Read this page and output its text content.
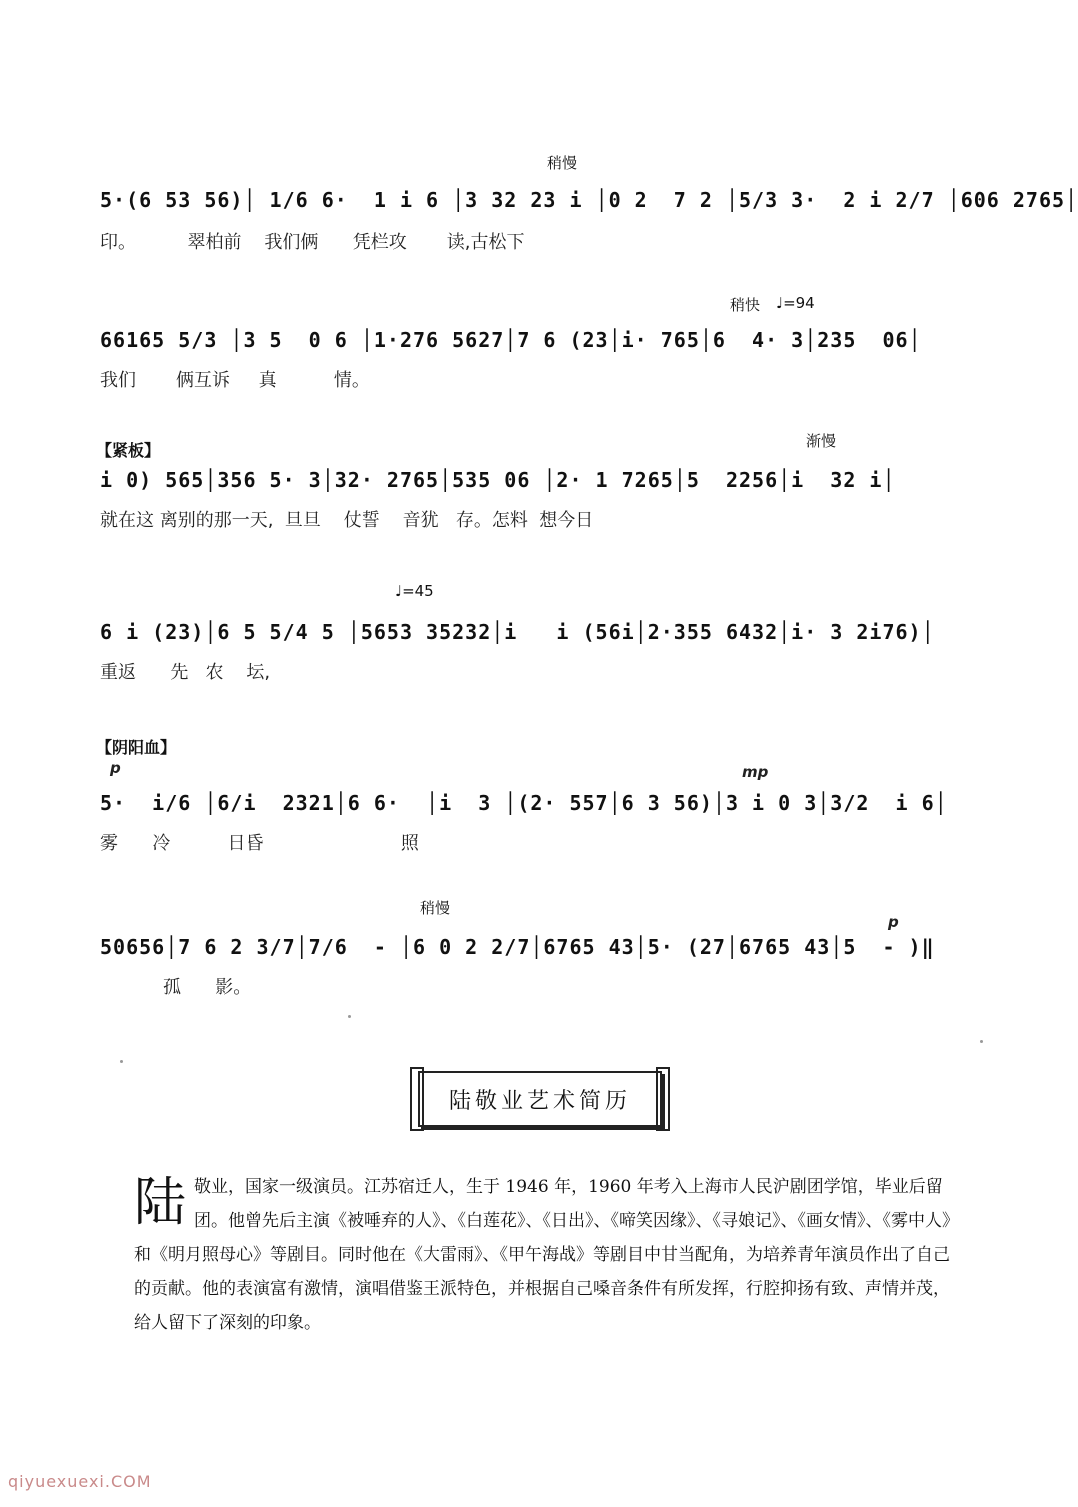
稍慢
5·(6 53 56)│ 1/6 6·  1 i 6 │3 32 23 i │0 2  7 2 │5/3 3·  2 i 2/7 │606 2765│
印。         翠柏前    我们俩      凭栏攻       读,古松下
稍快 ♩=94
66165 5/3 │3 5  0 6 │1·276 5627│7 6 (23│i· 765│6  4· 3│235  06│
我们       俩互诉     真          情。
【紧板】	渐慢
i 0) 565│356 5· 3│32· 2765│535 06 │2· 1 7265│5  2256│i  32 i│
就在这 离别的那一天,  旦旦    仗誓    音犹   存。怎料  想今日
♩=45
6 i (23)│6 5 5/4 5 │5653 35232│i   i (56i│2·355 6432│i· 3 2i76)│
重返      先   农    坛,
【阴阳血】
p	mp
5·  i/6 │6/i  2321│6 6·  │i  3 │(2· 557│6 3 56)│3 i 0 3│3/2  i 6│
雾      冷          日昏                        照
稍慢
p
50656│7 6 2 3/7│7/6  - │6 0 2 2/7│6765 43│5· (27│6765 43│5  - )‖
孤      影。
陆敬业艺术简历
陆敬业，国家一级演员。江苏宿迁人，生于 1946 年，1960 年考入上海市人民沪剧团学馆，毕业后留团。他曾先后主演《被唾弃的人》、《白莲花》、《日出》、《啼笑因缘》、《寻娘记》、《画女情》、《雾中人》和《明月照母心》等剧目。同时他在《大雷雨》、《甲午海战》等剧目中甘当配角，为培养青年演员作出了自己的贡献。他的表演富有激情，演唱借鉴王派特色，并根据自己嗓音条件有所发挥，行腔抑扬有致、声情并茂，给人留下了深刻的印象。
qiyuexuexi.COM
